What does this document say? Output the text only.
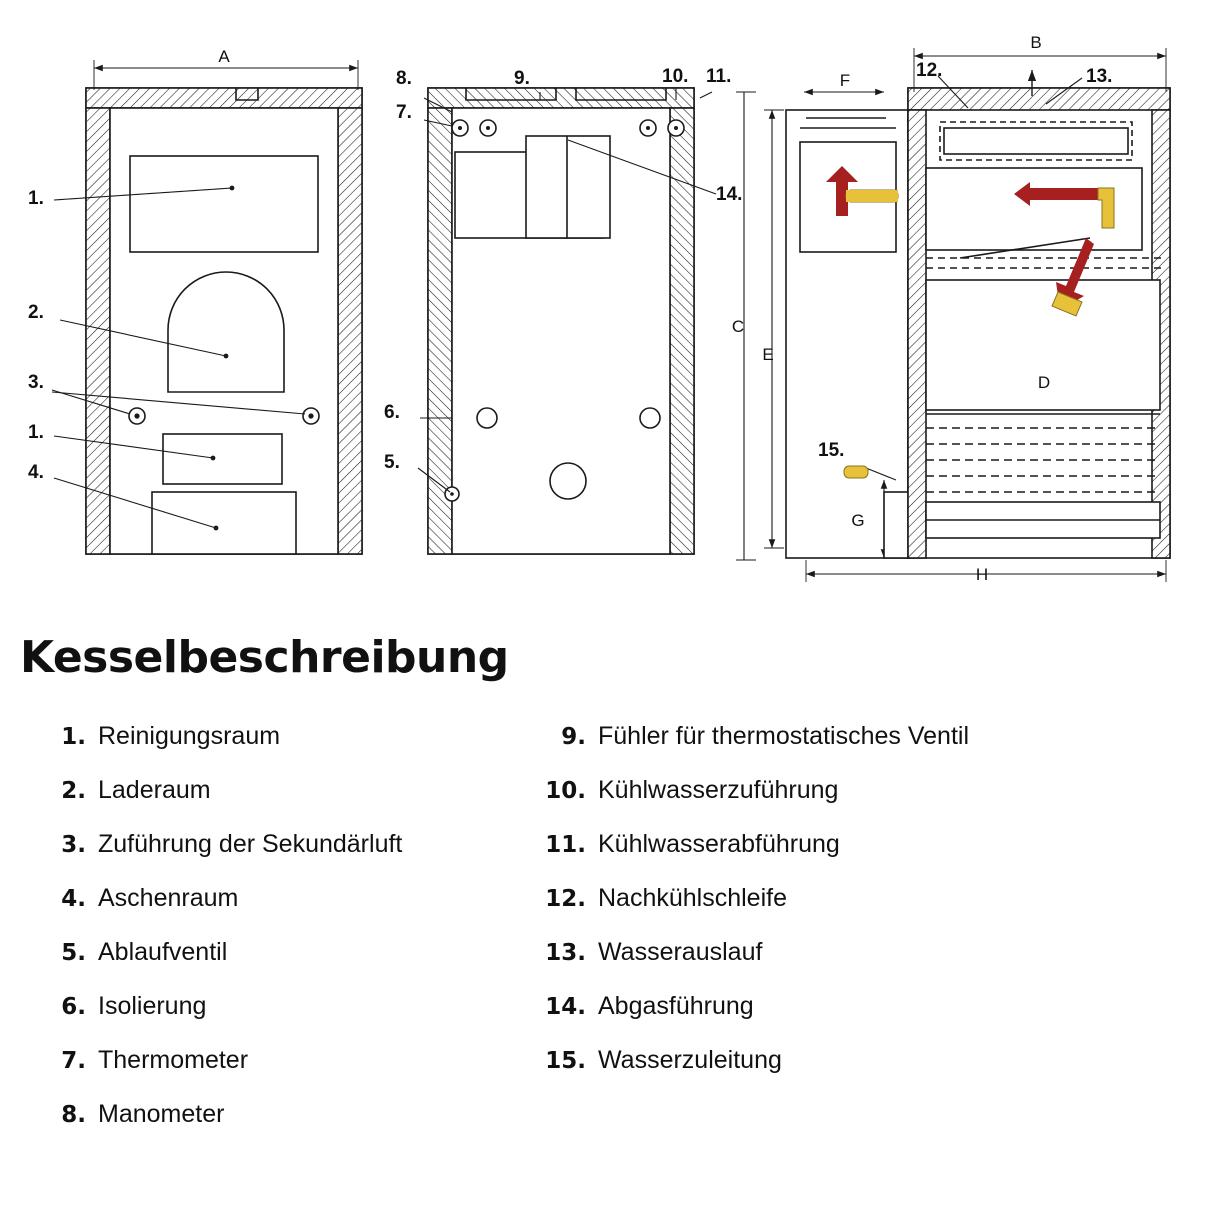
A
B
C
D
E
F
G
H
1.
2.
3.
1.
4.
8.
7.
9.	10. 11.
14.
6.
5.
12.	13.
15.
Kesselbeschreibung
1. Reinigungsraum
2. Laderaum
3. Zuführung der Sekundärluft
4. Aschenraum
5. Ablaufventil
6. Isolierung
7. Thermometer
8. Manometer
9. Fühler für thermostatisches Ventil
10. Kühlwasserzuführung
11. Kühlwasserabführung
12. Nachkühlschleife
13. Wasserauslauf
14. Abgasführung
15. Wasserzuleitung
